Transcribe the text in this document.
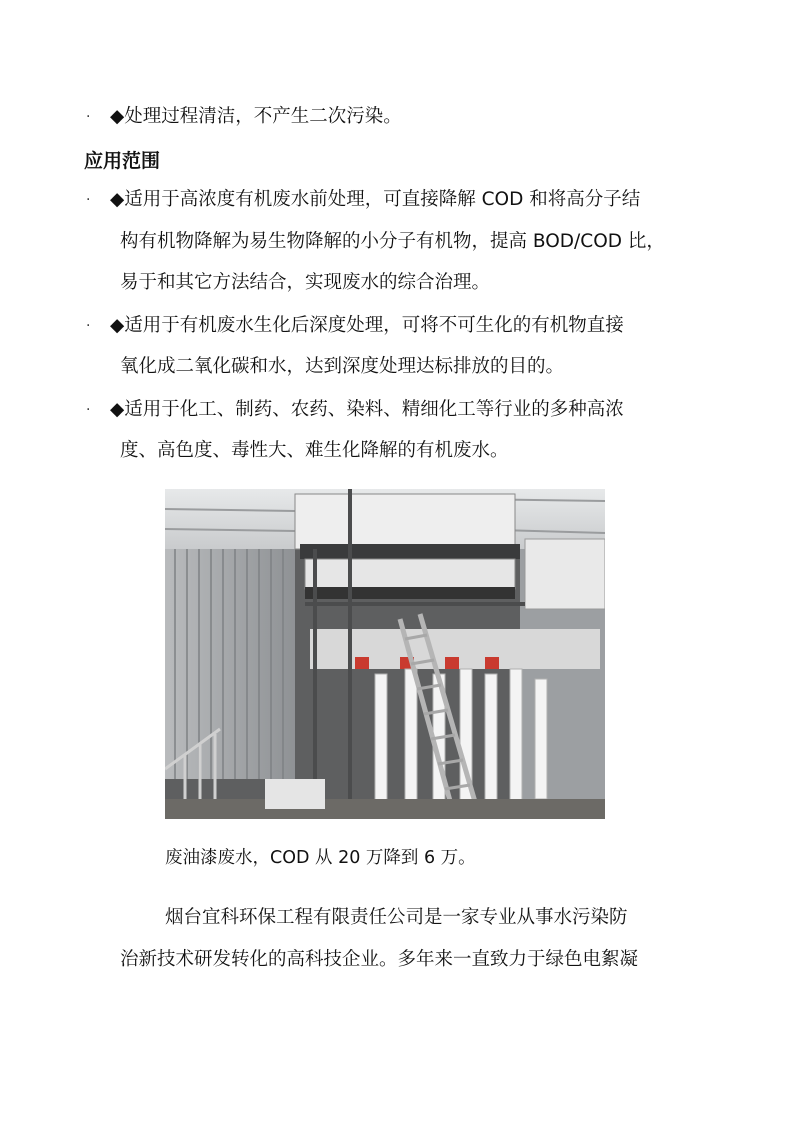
· ◆处理过程清洁，不产生二次污染。
应用范围
· ◆适用于高浓度有机废水前处理，可直接降解 COD 和将高分子结
构有机物降解为易生物降解的小分子有机物，提高 BOD/COD 比，
易于和其它方法结合，实现废水的综合治理。
· ◆适用于有机废水生化后深度处理，可将不可生化的有机物直接
氧化成二氧化碳和水，达到深度处理达标排放的目的。
· ◆适用于化工、制药、农药、染料、精细化工等行业的多种高浓
度、高色度、毒性大、难生化降解的有机废水。
废油漆废水，COD 从 20 万降到 6 万。
烟台宜科环保工程有限责任公司是一家专业从事水污染防
治新技术研发转化的高科技企业。多年来一直致力于绿色电絮凝
